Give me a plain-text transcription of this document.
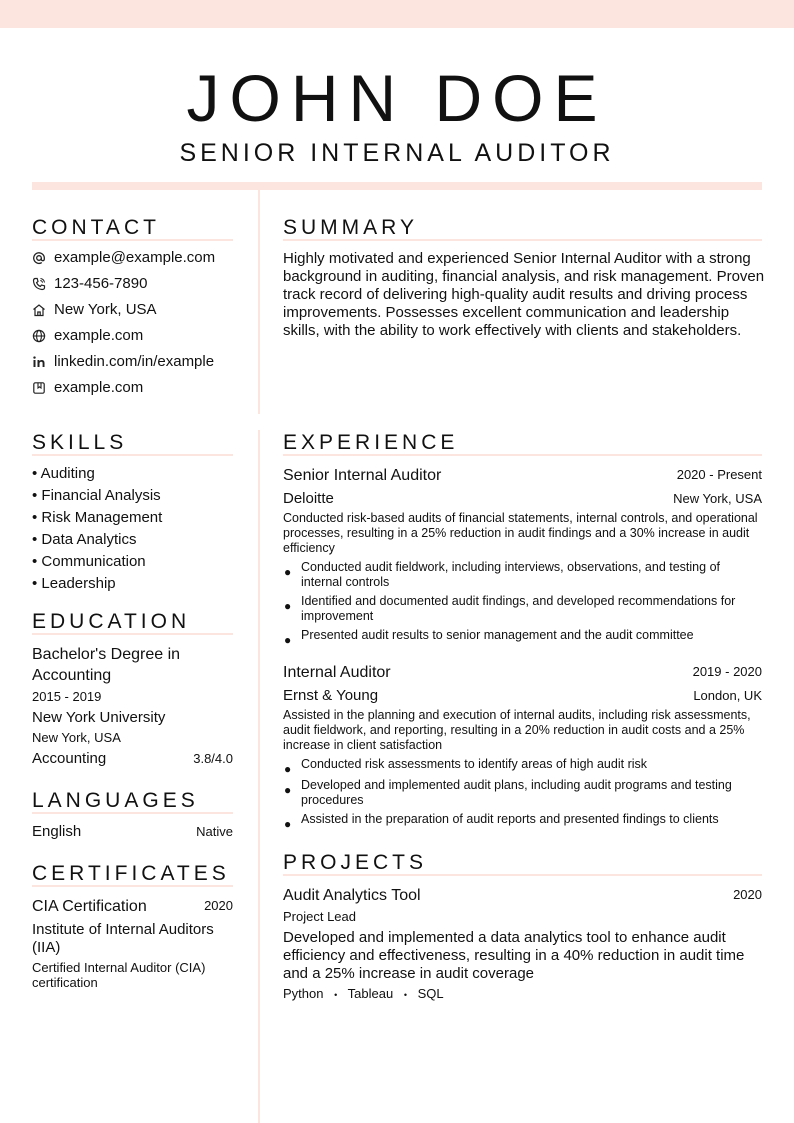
JOHN DOE
SENIOR INTERNAL AUDITOR
CONTACT
example@example.com
123-456-7890
New York, USA
example.com
linkedin.com/in/example
example.com
SUMMARY
Highly motivated and experienced Senior Internal Auditor with a strong background in auditing, financial analysis, and risk management. Proven track record of delivering high-quality audit results and driving process improvements. Possesses excellent communication and leadership skills, with the ability to work effectively with clients and stakeholders.
SKILLS
• Auditing
• Financial Analysis
• Risk Management
• Data Analytics
• Communication
• Leadership
EDUCATION
Bachelor's Degree in Accounting
2015 - 2019
New York University
New York, USA
Accounting	3.8/4.0
LANGUAGES
English	Native
CERTIFICATES
CIA Certification	2020
Institute of Internal Auditors (IIA)
Certified Internal Auditor (CIA) certification
EXPERIENCE
Senior Internal Auditor	2020 - Present
Deloitte	New York, USA
Conducted risk-based audits of financial statements, internal controls, and operational processes, resulting in a 25% reduction in audit findings and a 30% increase in audit efficiency
● Conducted audit fieldwork, including interviews, observations, and testing of internal controls
● Identified and documented audit findings, and developed recommendations for improvement
● Presented audit results to senior management and the audit committee
Internal Auditor	2019 - 2020
Ernst & Young	London, UK
Assisted in the planning and execution of internal audits, including risk assessments, audit fieldwork, and reporting, resulting in a 20% reduction in audit costs and a 25% increase in client satisfaction
● Conducted risk assessments to identify areas of high audit risk
● Developed and implemented audit plans, including audit programs and testing procedures
● Assisted in the preparation of audit reports and presented findings to clients
PROJECTS
Audit Analytics Tool	2020
Project Lead
Developed and implemented a data analytics tool to enhance audit efficiency and effectiveness, resulting in a 40% reduction in audit time and a 25% increase in audit coverage
Python • Tableau • SQL
